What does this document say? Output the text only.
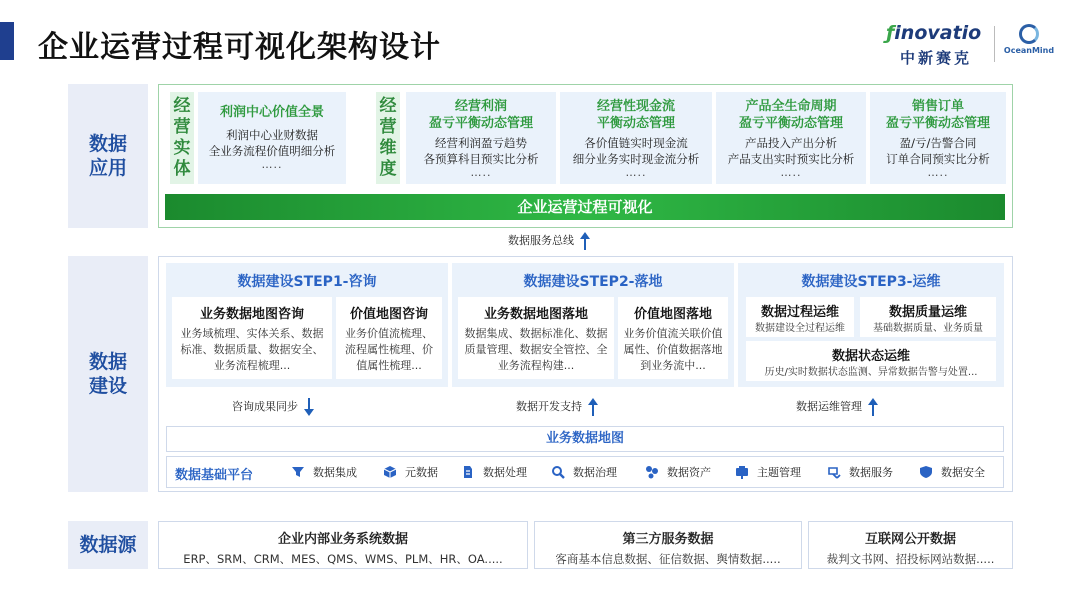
企业运营过程可视化架构设计	ƒinovatio
中新赛克	OceanMind
数据
应用
数据
建设
数据源
经
营
实
体
利润中心价值全景
利润中心业财数据
全业务流程价值明细分析
…..
经
营
维
度
经营利润
盈亏平衡动态管理
经营利润盈亏趋势
各预算科目预实比分析
…..
经营性现金流
平衡动态管理
各价值链实时现金流
细分业务实时现金流分析
…..
产品全生命周期
盈亏平衡动态管理
产品投入产出分析
产品支出实时预实比分析
…..
销售订单
盈亏平衡动态管理
盈/亏/告警合同
订单合同预实比分析
…..
企业运营过程可视化
数据服务总线
数据建设STEP1-咨询
业务数据地图咨询
业务域梳理、实体关系、数据标准、数据质量、数据安全、业务流程梳理...
价值地图咨询
业务价值流梳理、流程属性梳理、价值属性梳理...
数据建设STEP2-落地
业务数据地图落地
数据集成、数据标准化、数据质量管理、数据安全管控、全业务流程构建...
价值地图落地
业务价值流关联价值属性、价值数据落地到业务流中...
数据建设STEP3-运维
数据过程运维
数据建设全过程运维
数据质量运维
基础数据质量、业务质量
数据状态运维
历史/实时数据状态监测、异常数据告警与处置...
咨询成果同步	数据开发支持	数据运维管理
业务数据地图
数据基础平台	数据集成	元数据	数据处理	数据治理	数据资产	主题管理	数据服务	数据安全
企业内部业务系统数据
ERP、SRM、CRM、MES、QMS、WMS、PLM、HR、OA.....
第三方服务数据
客商基本信息数据、征信数据、舆情数据.....
互联网公开数据
裁判文书网、招投标网站数据.....
